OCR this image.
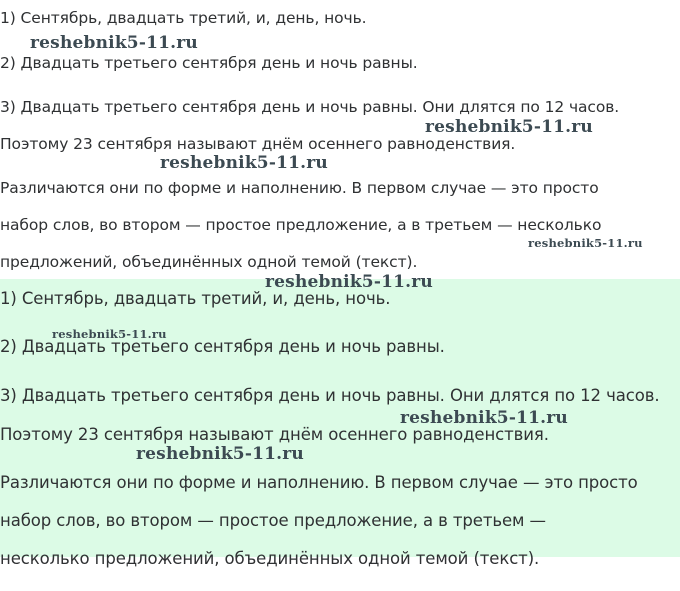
1) Сентябрь, двадцать третий, и, день, ночь.
2) Двадцать третьего сентября день и ночь равны.
3) Двадцать третьего сентября день и ночь равны. Они длятся по 12 часов.
Поэтому 23 сентября называют днём осеннего равноденствия.
Различаются они по форме и наполнению. В первом случае — это просто
набор слов, во втором — простое предложение, а в третьем — несколько
предложений, объединённых одной темой (текст).
1) Сентябрь, двадцать третий, и, день, ночь.
2) Двадцать третьего сентября день и ночь равны.
3) Двадцать третьего сентября день и ночь равны. Они длятся по 12 часов.
Поэтому 23 сентября называют днём осеннего равноденствия.
Различаются они по форме и наполнению. В первом случае — это просто
набор слов, во втором — простое предложение, а в третьем —
несколько предложений, объединённых одной темой (текст).
reshebnik5-11.ru
reshebnik5-11.ru
reshebnik5-11.ru
reshebnik5-11.ru
reshebnik5-11.ru
reshebnik5-11.ru
reshebnik5-11.ru
reshebnik5-11.ru
